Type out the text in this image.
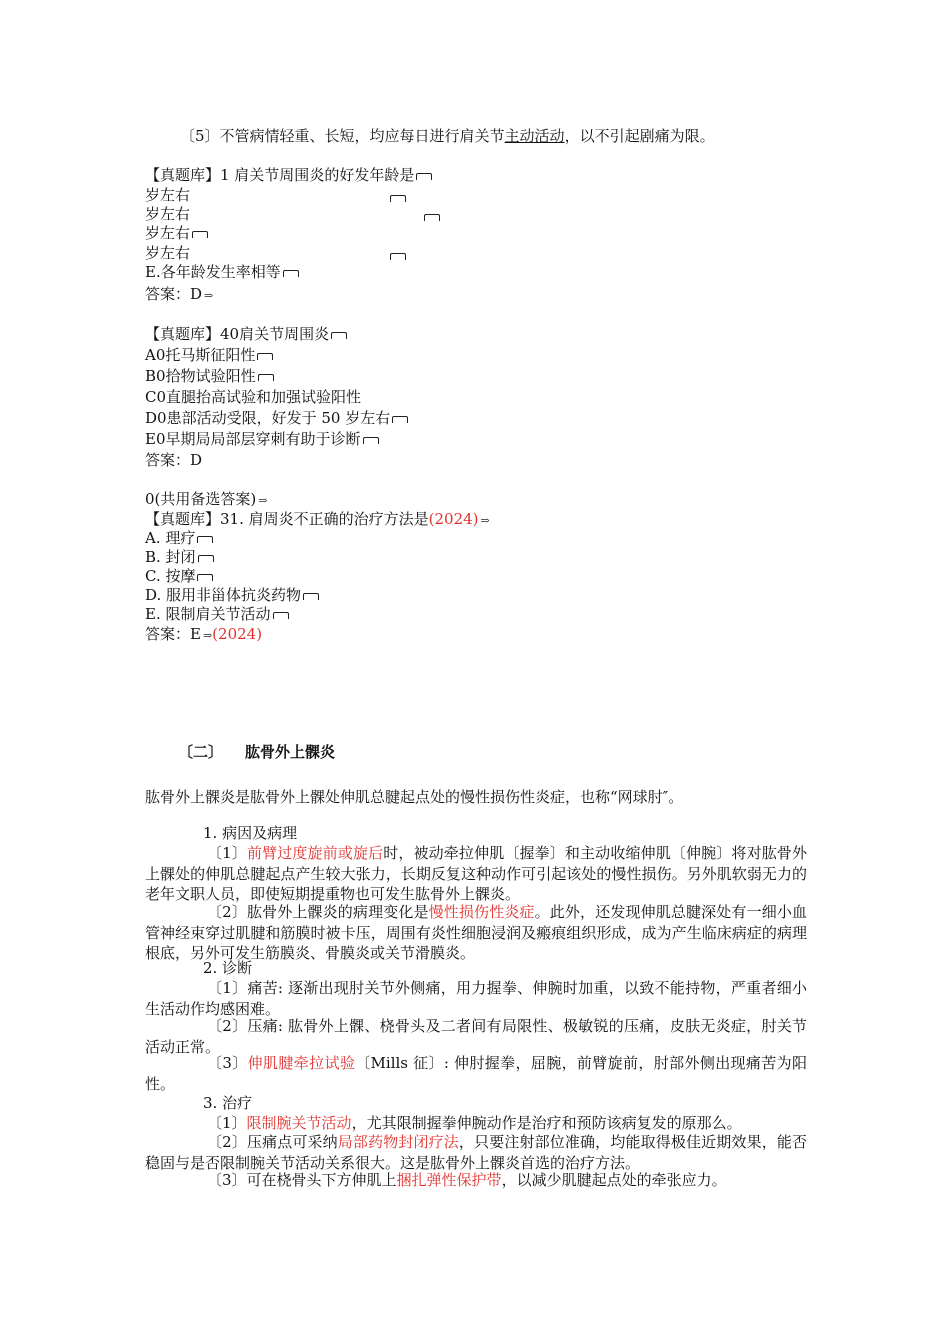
〔5〕不管病情轻重、长短，均应每日进行肩关节主动活动，以不引起剧痛为限。
【真题库】1 肩关节周围炎的好发年龄是
岁左右
岁左右
岁左右
岁左右
E.各年龄发生率相等
答案：D ⇒
【真题库】40肩关节周围炎
A0托马斯征阳性
B0拾物试验阳性
C0直腿抬高试验和加强试验阳性
D0患部活动受限，好发于 50 岁左右
E0早期局局部层穿刺有助于诊断
答案：D
0(共用备选答案) ⇒
【真题库】31. 肩周炎不正确的治疗方法是(2024) ⇒
A. 理疗
B. 封闭
C. 按摩
D. 服用非甾体抗炎药物
E. 限制肩关节活动
答案：E ⇒(2024)
〔二〕 肱骨外上髁炎
肱骨外上髁炎是肱骨外上髁处伸肌总腱起点处的慢性损伤性炎症，也称“网球肘″。
1. 病因及病理
〔1〕前臂过度旋前或旋后时，被动牵拉伸肌〔握拳〕和主动收缩伸肌〔伸腕〕将对肱骨外上髁处的伸肌总腱起点产生较大张力，长期反复这种动作可引起该处的慢性损伤。另外肌软弱无力的老年文职人员，即使短期提重物也可发生肱骨外上髁炎。
〔2〕肱骨外上髁炎的病理变化是慢性损伤性炎症。此外，还发现伸肌总腱深处有一细小血管神经束穿过肌腱和筋膜时被卡压，周围有炎性细胞浸润及瘢痕组织形成，成为产生临床病症的病理根底，另外可发生筋膜炎、骨膜炎或关节滑膜炎。
2. 诊断
〔1〕痛苦: 逐渐出现肘关节外侧痛，用力握拳、伸腕时加重，以致不能持物，严重者细小生活动作均感困难。
〔2〕压痛: 肱骨外上髁、桡骨头及二者间有局限性、极敏锐的压痛，皮肤无炎症，肘关节活动正常。
〔3〕伸肌腱牵拉试验〔Mills 征〕: 伸肘握拳，屈腕，前臂旋前，肘部外侧出现痛苦为阳性。
3. 治疗
〔1〕限制腕关节活动，尤其限制握拳伸腕动作是治疗和预防该病复发的原那么。
〔2〕压痛点可采纳局部药物封闭疗法，只要注射部位准确，均能取得极佳近期效果，能否稳固与是否限制腕关节活动关系很大。这是肱骨外上髁炎首选的治疗方法。
〔3〕可在桡骨头下方伸肌上捆扎弹性保护带，以减少肌腱起点处的牵张应力。
